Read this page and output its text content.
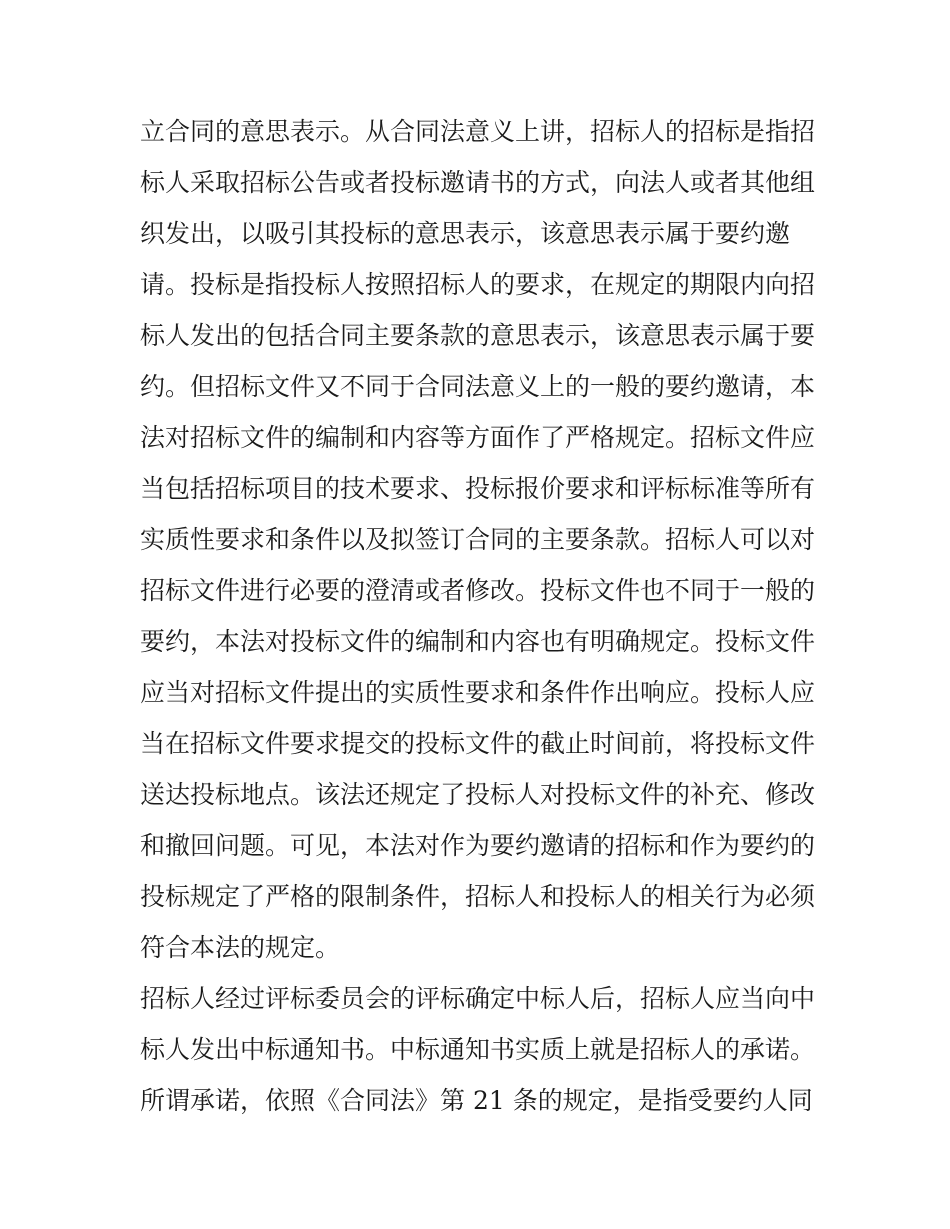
立合同的意思表示。从合同法意义上讲，招标人的招标是指招
标人采取招标公告或者投标邀请书的方式，向法人或者其他组
织发出，以吸引其投标的意思表示，该意思表示属于要约邀
请。投标是指投标人按照招标人的要求，在规定的期限内向招
标人发出的包括合同主要条款的意思表示，该意思表示属于要
约。但招标文件又不同于合同法意义上的一般的要约邀请，本
法对招标文件的编制和内容等方面作了严格规定。招标文件应
当包括招标项目的技术要求、投标报价要求和评标标准等所有
实质性要求和条件以及拟签订合同的主要条款。招标人可以对
招标文件进行必要的澄清或者修改。投标文件也不同于一般的
要约，本法对投标文件的编制和内容也有明确规定。投标文件
应当对招标文件提出的实质性要求和条件作出响应。投标人应
当在招标文件要求提交的投标文件的截止时间前，将投标文件
送达投标地点。该法还规定了投标人对投标文件的补充、修改
和撤回问题。可见，本法对作为要约邀请的招标和作为要约的
投标规定了严格的限制条件，招标人和投标人的相关行为必须
符合本法的规定。
招标人经过评标委员会的评标确定中标人后，招标人应当向中
标人发出中标通知书。中标通知书实质上就是招标人的承诺。
所谓承诺，依照《合同法》第 21 条的规定，是指受要约人同
